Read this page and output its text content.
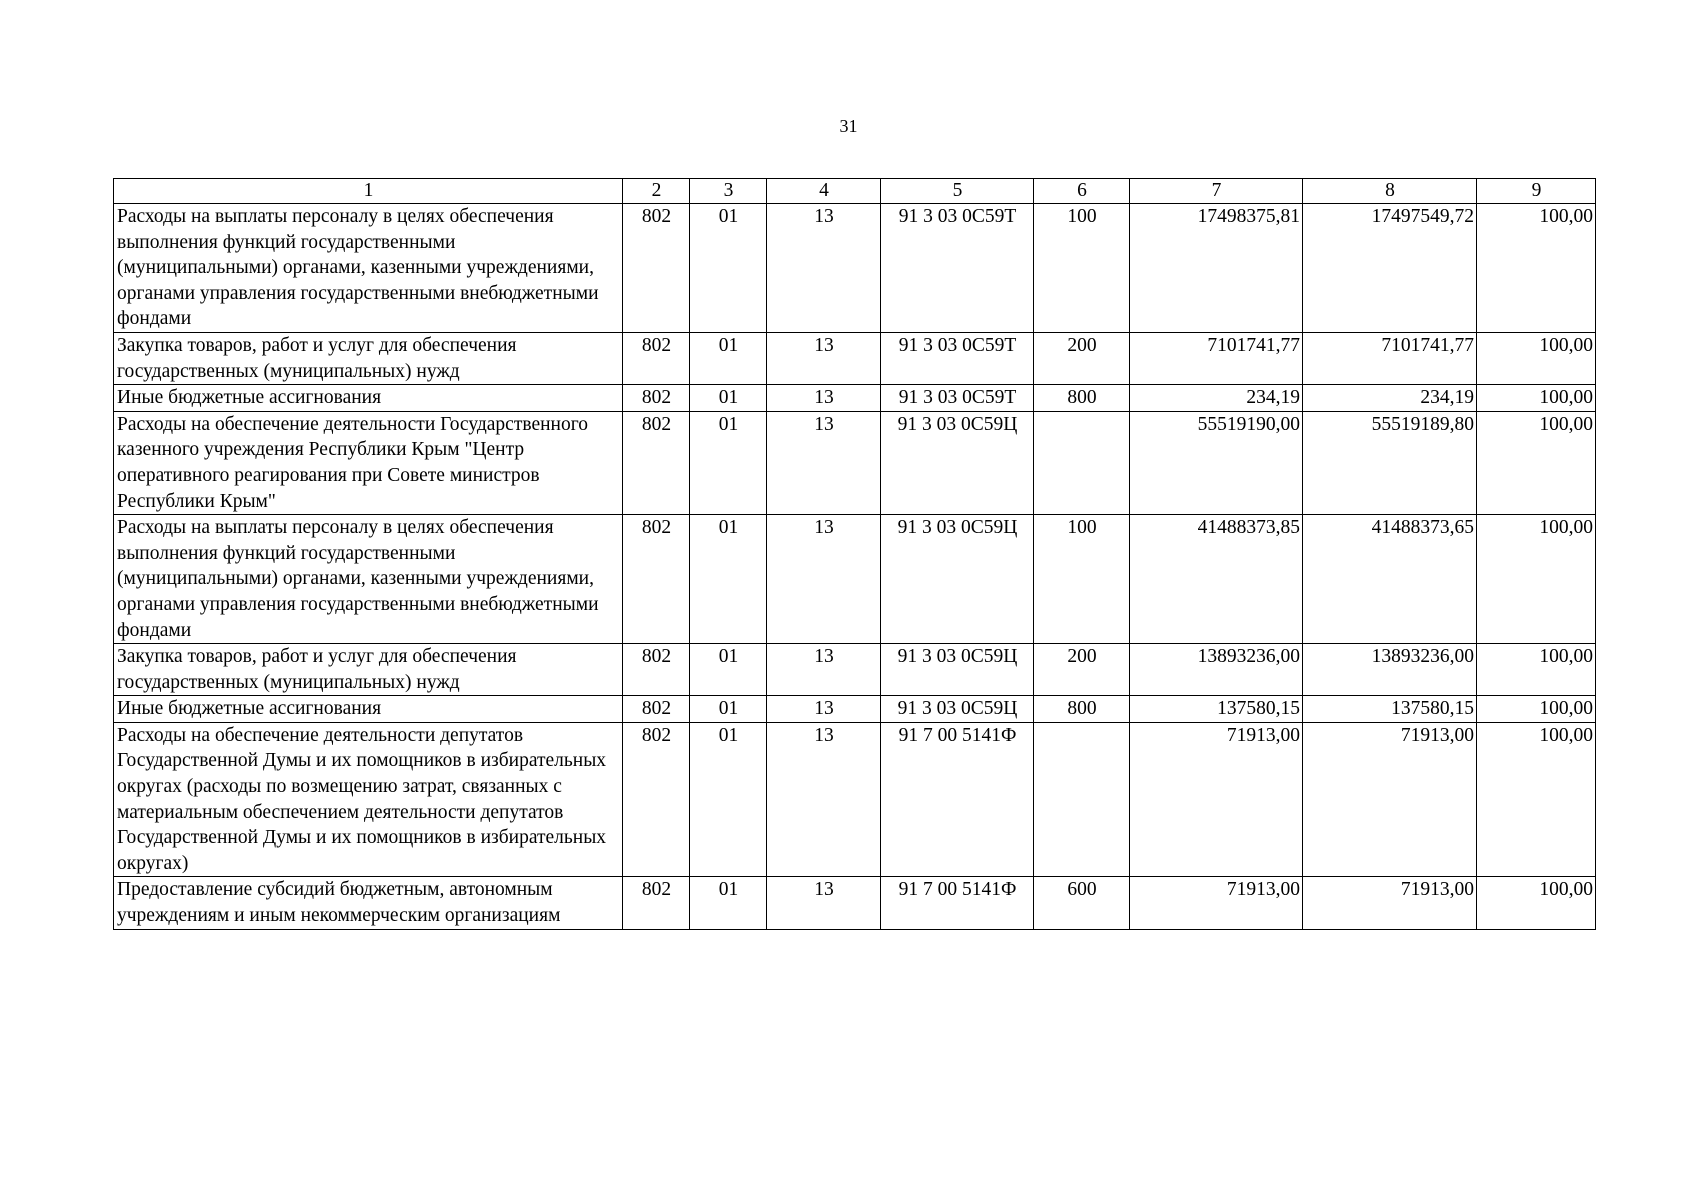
31
1	2	3	4	5	6	7	8	9
Расходы на выплаты персоналу в целях обеспечения выполнения функций государственными (муниципальными) органами, казенными учреждениями, органами управления государственными внебюджетными фондами	802	01	13	91 3 03 0С59Т	100	17498375,81	17497549,72	100,00
Закупка товаров, работ и услуг для обеспечения государственных (муниципальных) нужд	802	01	13	91 3 03 0С59Т	200	7101741,77	7101741,77	100,00
Иные бюджетные ассигнования	802	01	13	91 3 03 0С59Т	800	234,19	234,19	100,00
Расходы на обеспечение деятельности Государственного казенного учреждения Республики Крым "Центр оперативного реагирования при Совете министров Республики Крым"	802	01	13	91 3 03 0С59Ц		55519190,00	55519189,80	100,00
Расходы на выплаты персоналу в целях обеспечения выполнения функций государственными (муниципальными) органами, казенными учреждениями, органами управления государственными внебюджетными фондами	802	01	13	91 3 03 0С59Ц	100	41488373,85	41488373,65	100,00
Закупка товаров, работ и услуг для обеспечения государственных (муниципальных) нужд	802	01	13	91 3 03 0С59Ц	200	13893236,00	13893236,00	100,00
Иные бюджетные ассигнования	802	01	13	91 3 03 0С59Ц	800	137580,15	137580,15	100,00
Расходы на обеспечение деятельности депутатов Государственной Думы и их помощников в избирательных округах (расходы по возмещению затрат, связанных с материальным обеспечением деятельности депутатов Государственной Думы и их помощников в избирательных округах)	802	01	13	91 7 00 5141Ф		71913,00	71913,00	100,00
Предоставление субсидий бюджетным, автономным учреждениям и иным некоммерческим организациям	802	01	13	91 7 00 5141Ф	600	71913,00	71913,00	100,00
